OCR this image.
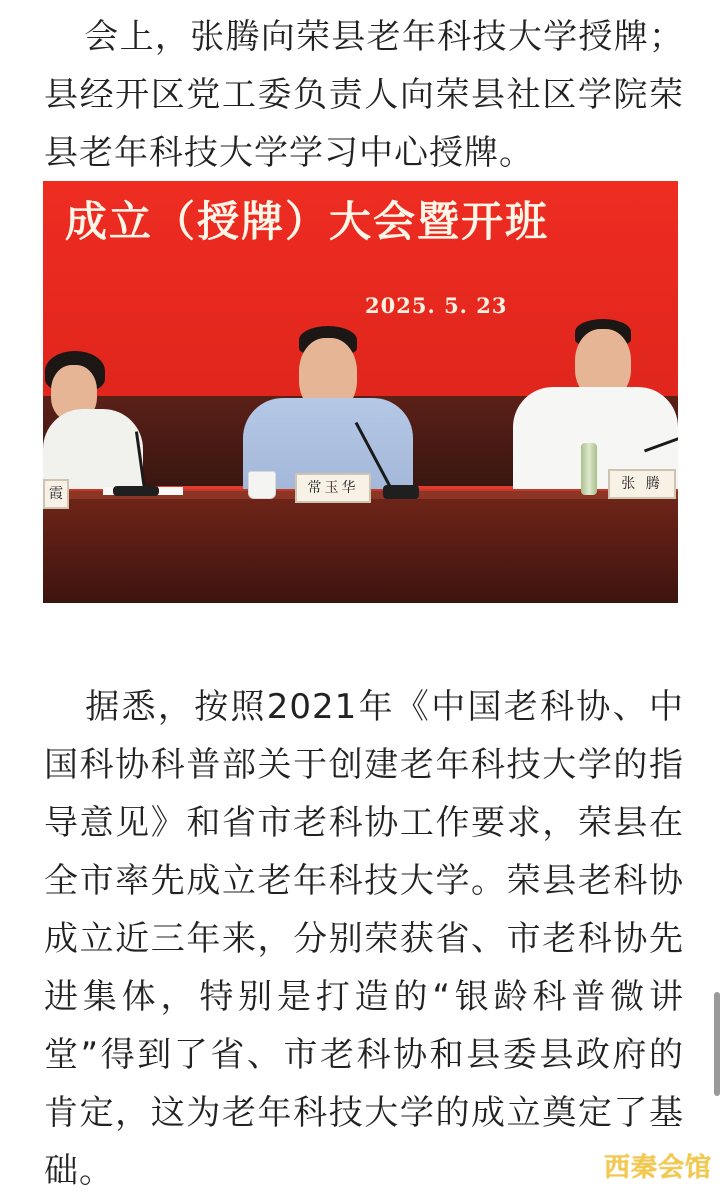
会上，张腾向荣县老年科技大学授牌；县经开区党工委负责人向荣县社区学院荣县老年科技大学学习中心授牌。

成立（授牌）大会暨开班
2025. 5. 23
霞	常玉华	张 腾

据悉，按照2021年《中国老科协、中国科协科普部关于创建老年科技大学的指导意见》和省市老科协工作要求，荣县在全市率先成立老年科技大学。荣县老科协成立近三年来，分别荣获省、市老科协先进集体，特别是打造的“银龄科普微讲堂”得到了省、市老科协和县委县政府的肯定，这为老年科技大学的成立奠定了基础。	西秦会馆
